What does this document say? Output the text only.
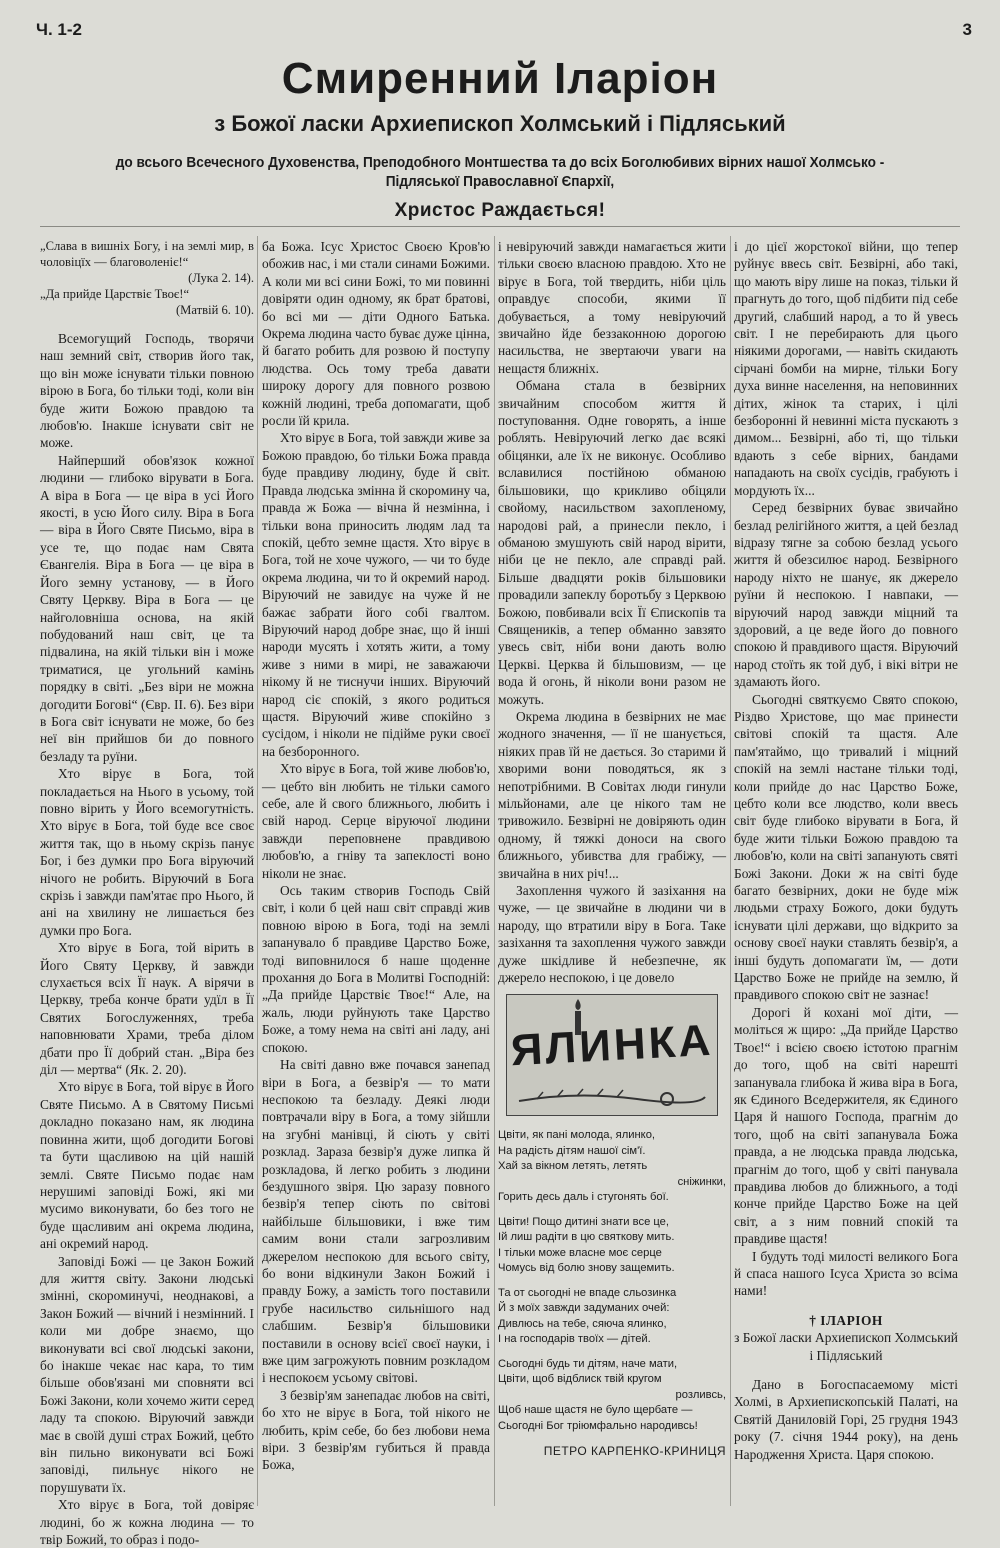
Ч. 1-2	3
Смиренний Іларіон
з Божої ласки Архиепископ Холмський і Підляський
до всього Всечесного Духовенства, Преподобного Монтшества та до всіх Боголюбивих вірних нашої Холмсько - Підляської Православної Єпархії,
Христос Раждається!

„Слава в вишніх Богу, і на землі мир, в чоловіцїх — благоволеніє!“

(Лука 2. 14).

„Да прийде Царствіє Твоє!“

(Матвій 6. 10).

Всемогущий Господь, творячи наш земний світ, створив його так, що він може існувати тільки повною вірою в Бога, бо тільки тоді, коли він буде жити Божою правдою та любов'ю. Інакше існувати світ не може.

Найперший обов'язок кожної людини — глибоко вірувати в Бога. А віра в Бога — це віра в усі Його якості, в усю Його силу. Віра в Бога — віра в Його Святе Письмо, віра в усе те, що подає нам Свята Євангелія. Віра в Бога — це віра в Його земну установу, — в Його Святу Церкву. Віра в Бога — це найголовніша основа, на якій побудований наш світ, це та підвалина, на якій тільки він і може триматися, це угольний камінь порядку в світі. „Без віри не можна догодити Богові“ (Євр. ІІ. 6). Без віри в Бога світ існувати не може, бо без неї він прийшов би до повного безладу та руїни.

Хто вірує в Бога, той покладається на Нього в усьому, той повно вірить у Його всемогутність. Хто вірує в Бога, той буде все своє життя так, що в ньому скрізь панує Бог, і без думки про Бога віруючий нічого не робить. Віруючий в Бога скрізь і завжди пам'ятає про Нього, й ані на хвилину не лишається без думки про Бога.

Хто вірує в Бога, той вірить в Його Святу Церкву, й завжди слухається всіх Її наук. А вірячи в Церкву, треба конче брати удїл в Її Святих Богослуженнях, треба наповнювати Храми, треба ділом дбати про Її добрий стан. „Віра без діл — мертва“ (Як. 2. 20).

Хто вірує в Бога, той вірує в Його Святе Письмо. А в Святому Письмі докладно показано нам, як людина повинна жити, щоб догодити Богові та бути щасливою на цій нашій землі. Святе Письмо подає нам нерушимі заповіді Божі, які ми мусимо виконувати, бо без того не буде щасливим ані окрема людина, ані окремий народ.

Заповіді Божі — це Закон Божий для життя світу. Закони людські змінні, скороминучі, неоднакові, а Закон Божий — вічний і незмінний. І коли ми добре знаємо, що виконувати всі свої людські закони, бо інакше чекає нас кара, то тим більше обов'язані ми сповняти всі Божі Закони, коли хочемо жити серед ладу та спокою. Віруючий завжди має в своїй душі страх Божий, цебто він пильно виконувати всі Божі заповіді, пильнує нікого не порушувати їх.

Хто вірує в Бога, той довіряє людині, бо ж кожна людина — то твір Божий, то образ і подо-

ба Божа. Ісус Христос Своєю Кров'ю обожив нас, і ми стали синами Божими. А коли ми всі сини Божі, то ми повинні довіряти один одному, як брат братові, бо всі ми — діти Одного Батька. Окрема людина часто буває дуже цінна, й багато робить для розвою й поступу людства. Ось тому треба давати широку дорогу для повного розвою кожній людині, треба допомагати, щоб росли їй крила.

Хто вірує в Бога, той завжди живе за Божою правдою, бо тільки Божа правда буде правдиву людину, буде й світ. Правда людська змінна й скоромину ча, правда ж Божа — вічна й незмінна, і тільки вона приносить людям лад та спокій, цебто земне щастя. Хто вірує в Бога, той не хоче чужого, — чи то буде окрема людина, чи то й окремий народ. Віруючий не завидує на чуже й не бажає забрати його собі гвалтом. Віруючий народ добре знає, що й інші народи мусять і хотять жити, а тому живе з ними в мирі, не заважаючи нікому й не тиснучи інших. Віруючий народ сіє спокій, з якого родиться щастя. Віруючий живе спокійно з сусідом, і ніколи не підійме руки своєї на безборонного.

Хто вірує в Бога, той живе любов'ю, — цебто він любить не тільки самого себе, але й свого ближнього, любить і свій народ. Серце віруючої людини завжди переповнене правдивою любов'ю, а гніву та запеклості воно ніколи не знає.

Ось таким створив Господь Свій світ, і коли б цей наш світ справді жив повною вірою в Бога, тоді на землі запанувало б правдиве Царство Боже, тоді виповнилося б наше щоденне прохання до Бога в Молитві Господній: „Да прийде Царствіє Твоє!“ Але, на жаль, люди руйнують таке Царство Боже, а тому нема на світі ані ладу, ані спокою.

На світі давно вже почався занепад віри в Бога, а безвір'я — то мати неспокою та безладу. Деякі люди повтрачали віру в Бога, а тому зійшли на згубні манівці, й сіють у світі розклад. Зараза безвір'я дуже липка й розкладова, й легко робить з людини бездушного звіря. Цю заразу повного безвір'я тепер сіють по світові найбільше більшовики, і вже тим самим вони стали загрозливим джерелом неспокою для всього світу, бо вони відкинули Закон Божий і правду Божу, а замість того поставили грубе насильство сильнішого над слабшим. Безвір'я більшовики поставили в основу всієї своєї науки, і вже цим загрожують повним розкладом і неспокоєм усьому світові.

З безвір'ям занепадає любов на світі, бо хто не вірує в Бога, той нікого не любить, крім себе, бо без любови нема віри. З безвір'ям губиться й правда Божа,

і невіруючий завжди намагається жити тільки своєю власною правдою. Хто не вірує в Бога, той твердить, ніби ціль оправдує способи, якими її добувається, а тому невіруючий звичайно йде беззаконною дорогою насильства, не звертаючи уваги на нещастя ближніх.

Обмана стала в безвірних звичайним способом життя й поступовання. Одне говорять, а інше роблять. Невіруючий легко дає всякі обіцянки, але їх не виконує. Особливо вславилися постійною обманою більшовики, що крикливо обіцяли свойому, насильством захопленому, народові рай, а принесли пекло, і обманою змушують свій народ вірити, ніби це не пекло, але справді рай. Більше двадцяти років більшовики провадили запеклу боротьбу з Церквою Божою, повбивали всіх Її Єпископів та Священиків, а тепер обманно завзято увесь світ, ніби вони дають волю Церкві. Церква й більшовизм, — це вода й огонь, й ніколи вони разом не можуть.

Окрема людина в безвірних не має жодного значення, — її не шанується, ніяких прав їй не дається. Зо старими й хворими вони поводяться, як з непотрібними. В Совітах люди гинули мільйонами, але це нікого там не тривожило. Безвірні не довіряють один одному, й тяжкі доноси на свого ближнього, убивства для грабіжу, — звичайна в них річ!...

Захоплення чужого й зазіхання на чуже, — це звичайне в людини чи в народу, що втратили віру в Бога. Таке зазіхання та захоплення чужого завжди дуже шкідливе й небезпечне, як джерело неспокою, і це довело

ЯЛИНКА
Цвіти, як пані молода, ялинко,
На радість дітям нашої сім'ї.
Хай за вікном летять, летять
сніжинки,
Горить десь даль і стугонять бої.
Цвіти! Пощо дитині знати все це,
Ій лиш радіти в цю святкову мить.
І тільки може власне моє серце
Чомусь від болю знову защемить.
Та от сьогодні не впаде сльозинка
Й з моїх завжди задуманих очей:
Дивлюсь на тебе, сяюча ялинко,
І на господарів твоїх — дітей.
Сьогодні будь ти дітям, наче мати,
Цвіти, щоб відблиск твій кругом
розливсь,
Щоб наше щастя не було щербате —
Сьогодні Бог тріюмфально народивсь!
ПЕТРО КАРПЕНКО-КРИНИЦЯ

і до цієї жорстокої війни, що тепер руйнує ввесь світ. Безвірні, або такі, що мають віру лише на показ, тільки й прагнуть до того, щоб підбити під себе другий, слабший народ, а то й увесь світ. І не перебирають для цього ніякими дорогами, — навіть скидають сірчані бомби на мирне, тільки Богу духа винне населення, на неповинних дітих, жінок та старих, і цілі безборонні й невинні міста пускають з димом... Безвірні, або ті, що тільки вдають з себе вірних, бандами нападають на своїх сусідів, грабують і мордують їх...

Серед безвірних буває звичайно безлад релігійного життя, а цей безлад відразу тягне за собою безлад усього життя й обезсилює народ. Безвірного народу ніхто не шанує, як джерело руїни й неспокою. І навпаки, — віруючий народ завжди міцний та здоровий, а це веде його до повного спокою й правдивого щастя. Віруючий народ стоїть як той дуб, і вікі вітри не здамають його.

Сьогодні святкуємо Свято спокою, Різдво Христове, що має принести світові спокій та щастя. Але пам'ятаймо, що тривалий і міцний спокій на землі настане тільки тоді, коли прийде до нас Царство Боже, цебто коли все людство, коли ввесь світ буде глибоко вірувати в Бога, й буде жити тільки Божою правдою та любов'ю, коли на світі запанують святі Божі Закони. Доки ж на світі буде багато безвірних, доки не буде між людьми страху Божого, доки будуть існувати цілі держави, що відкрито за основу своєї науки ставлять безвір'я, а інші будуть допомагати їм, — доти Царство Боже не прийде на землю, й правдивого спокою світ не зазнає!

Дорогі й кохані мої діти, — моліться ж щиро: „Да прийде Царство Твоє!“ і всією своєю істотою прагнім до того, щоб на світі нарешті запанувала глибока й жива віра в Бога, як Єдиного Вседержителя, як Єдиного Царя й нашого Господа, прагнім до того, щоб на світі запанувала Божа правда, а не людська правда людська, прагнім до того, щоб у світі панувала правдива любов до ближнього, а тоді конче прийде Царство Боже на цей світ, а з ним повний спокій та правдиве щастя!

І будуть тоді милості великого Бога й спаса нашого Ісуса Христа зо всіма нами!

† ІЛАРІОН

з Божої ласки Архиепископ Холмський і Підляський

Дано в Богоспасаемому місті Холмі, в Архиепископській Палаті, на Святій Даниловій Горі, 25 грудня 1943 року (7. січня 1944 року), на день Народження Христа. Царя спокою.
